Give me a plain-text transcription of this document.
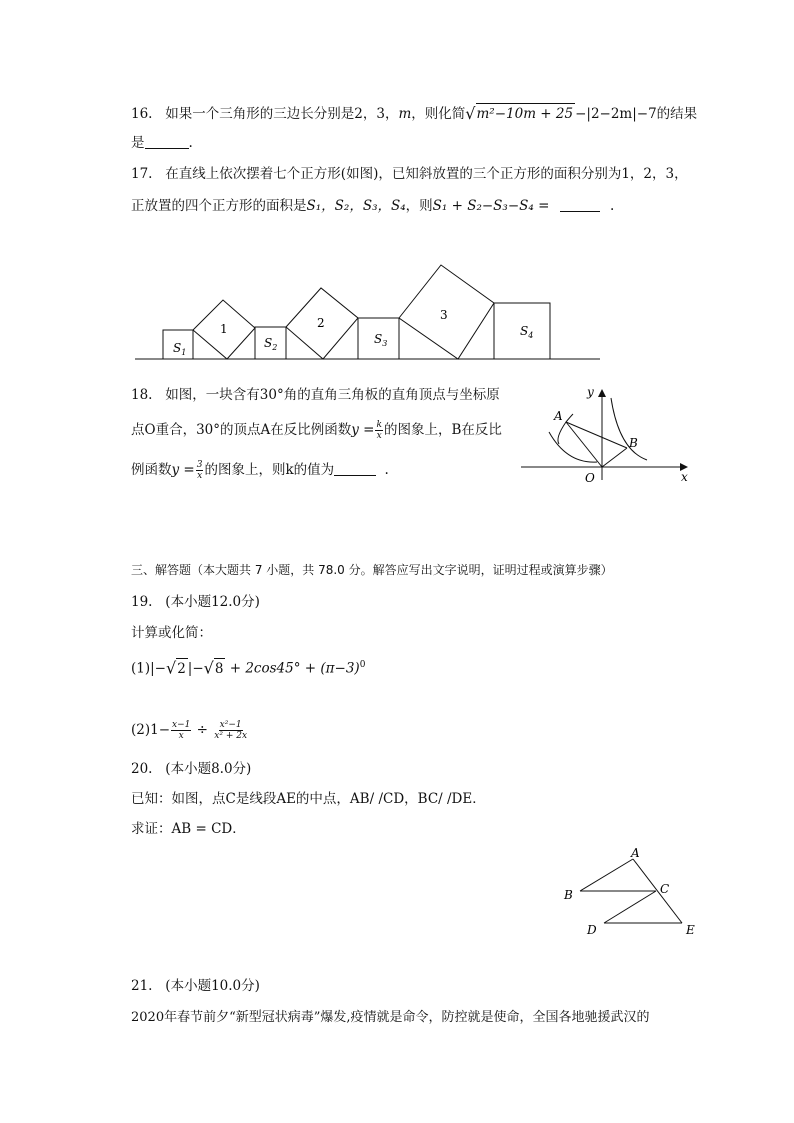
16. 如果一个三角形的三边长分别是2，3，m，则化简√m²−10m + 25 −|2−2m|−7的结果
是	.
17. 在直线上依次摆着七个正方形(如图)，已知斜放置的三个正方形的面积分别为1，2，3，
正放置的四个正方形的面积是S₁，S₂，S₃，S₄，则S₁ + S₂−S₃−S₄ =	.
$S_1$
1
$S_2$
2
$S_3$
3
$S_4$
18. 如图，一块含有30°角的直角三角板的直角顶点与坐标原
点O重合，30°的顶点A在反比例函数$y = \frac{k}{x}$ 的图象上，B在反比
例函数$y = \frac{3}{x}$ 的图象上，则k的值为	.
y
x
O
A
B
三、解答题（本大题共 7 小题，共 78.0 分。解答应写出文字说明，证明过程或演算步骤）
19. (本小题12.0分)
计算或化简：
(1)|−√2 $|-√8 + 2\cos 45^\circ + (\pi-3)^0$
$(2)1- \frac{x-1}{x} \div \frac{\text{x²−1}}{\text{x² + 2x}}$
20. (本小题8.0分)
已知：如图，点C是线段AE的中点，AB/ /CD，BC/ /DE．
求证：AB = CD．
A
B	C
D	E
21. (本小题10.0分)
2020年春节前夕“新型冠状病毒”爆发,疫情就是命令，防控就是使命，全国各地驰援武汉的
